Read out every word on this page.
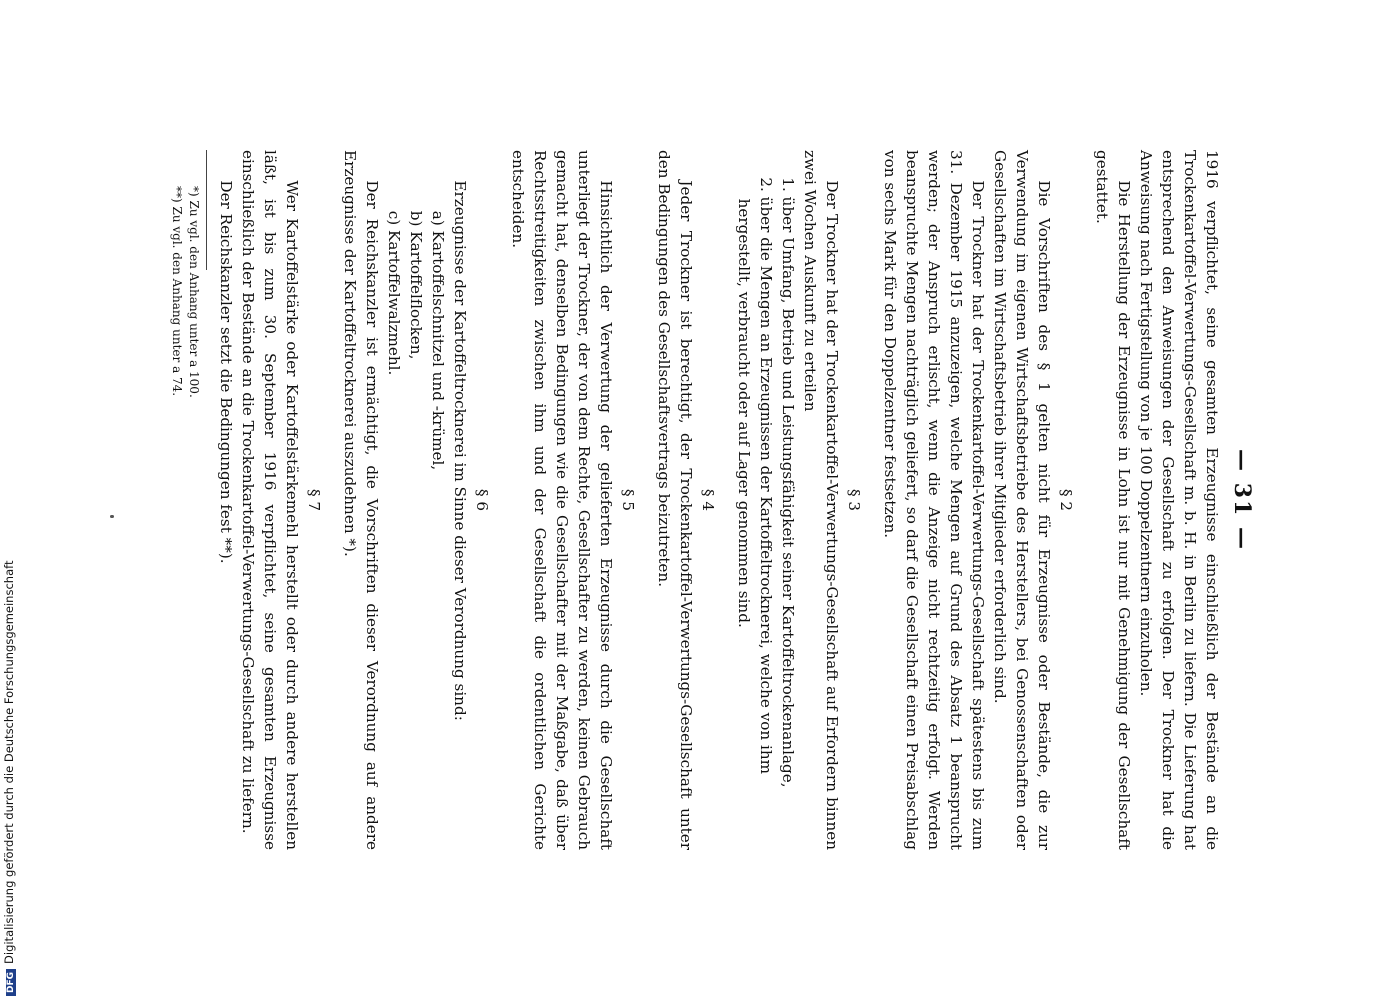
— 31 —

1916 verpflichtet, seine gesamten Erzeugnisse einschließlich der Bestände an die Trockenkartoffel-Verwertungs-Gesellschaft m. b. H. in Berlin zu liefern. Die Lieferung hat entsprechend den Anweisungen der Gesellschaft zu erfolgen. Der Trockner hat die Anweisung nach Fertigstellung von je 100 Doppelzentnern einzuholen.

Die Herstellung der Erzeugnisse in Lohn ist nur mit Genehmigung der Gesellschaft gestattet.

§ 2

Die Vorschriften des § 1 gelten nicht für Erzeugnisse oder Bestände, die zur Verwendung im eigenen Wirtschaftsbetriebe des Herstellers, bei Genossenschaften oder Gesellschaften im Wirtschaftsbetrieb ihrer Mitglieder erforderlich sind.

Der Trockner hat der Trockenkartoffel-Verwertungs-Gesellschaft spätestens bis zum 31. Dezember 1915 anzuzeigen, welche Mengen auf Grund des Absatz 1 beansprucht werden; der Anspruch erlischt, wenn die Anzeige nicht rechtzeitig erfolgt. Werden beanspruchte Mengen nachträglich geliefert, so darf die Gesellschaft einen Preisabschlag von sechs Mark für den Doppelzentner festsetzen.

§ 3

Der Trockner hat der Trockenkartoffel-Verwertungs-Gesellschaft auf Erfordern binnen zwei Wochen Auskunft zu erteilen

1. über Umfang, Betrieb und Leistungsfähigkeit seiner Kartoffeltrockenanlage,

2. über die Mengen an Erzeugnissen der Kartoffeltrocknerei, welche von ihm hergestellt, verbraucht oder auf Lager genommen sind.

§ 4

Jeder Trockner ist berechtigt, der Trockenkartoffel-Verwertungs-Gesellschaft unter den Bedingungen des Gesellschaftsvertrags beizutreten.

§ 5

Hinsichtlich der Verwertung der gelieferten Erzeugnisse durch die Gesellschaft unterliegt der Trockner, der von dem Rechte, Gesellschafter zu werden, keinen Gebrauch gemacht hat, denselben Bedingungen wie die Gesellschafter mit der Maßgabe, daß über Rechtsstreitigkeiten zwischen ihm und der Gesellschaft die ordentlichen Gerichte entscheiden.

§ 6

Erzeugnisse der Kartoffeltrocknerei im Sinne dieser Verordnung sind:

a) Kartoffelschnitzel und -krümel,

b) Kartoffelflocken,

c) Kartoffelwalzmehl.

Der Reichskanzler ist ermächtigt, die Vorschriften dieser Verordnung auf andere Erzeugnisse der Kartoffeltrocknerei auszudehnen *).

§ 7

Wer Kartoffelstärke oder Kartoffelstärkemehl herstellt oder durch andere herstellen läßt, ist bis zum 30. September 1916 verpflichtet, seine gesamten Erzeugnisse einschließlich der Bestände an die Trockenkartoffel-Verwertungs-Gesellschaft zu liefern.

Der Reichskanzler setzt die Bedingungen fest **).

*) Zu vgl. den Anhang unter a 100.

**) Zu vgl. den Anhang unter a 74.

DFGDigitalisierung gefördert durch die Deutsche Forschungsgemeinschaft
